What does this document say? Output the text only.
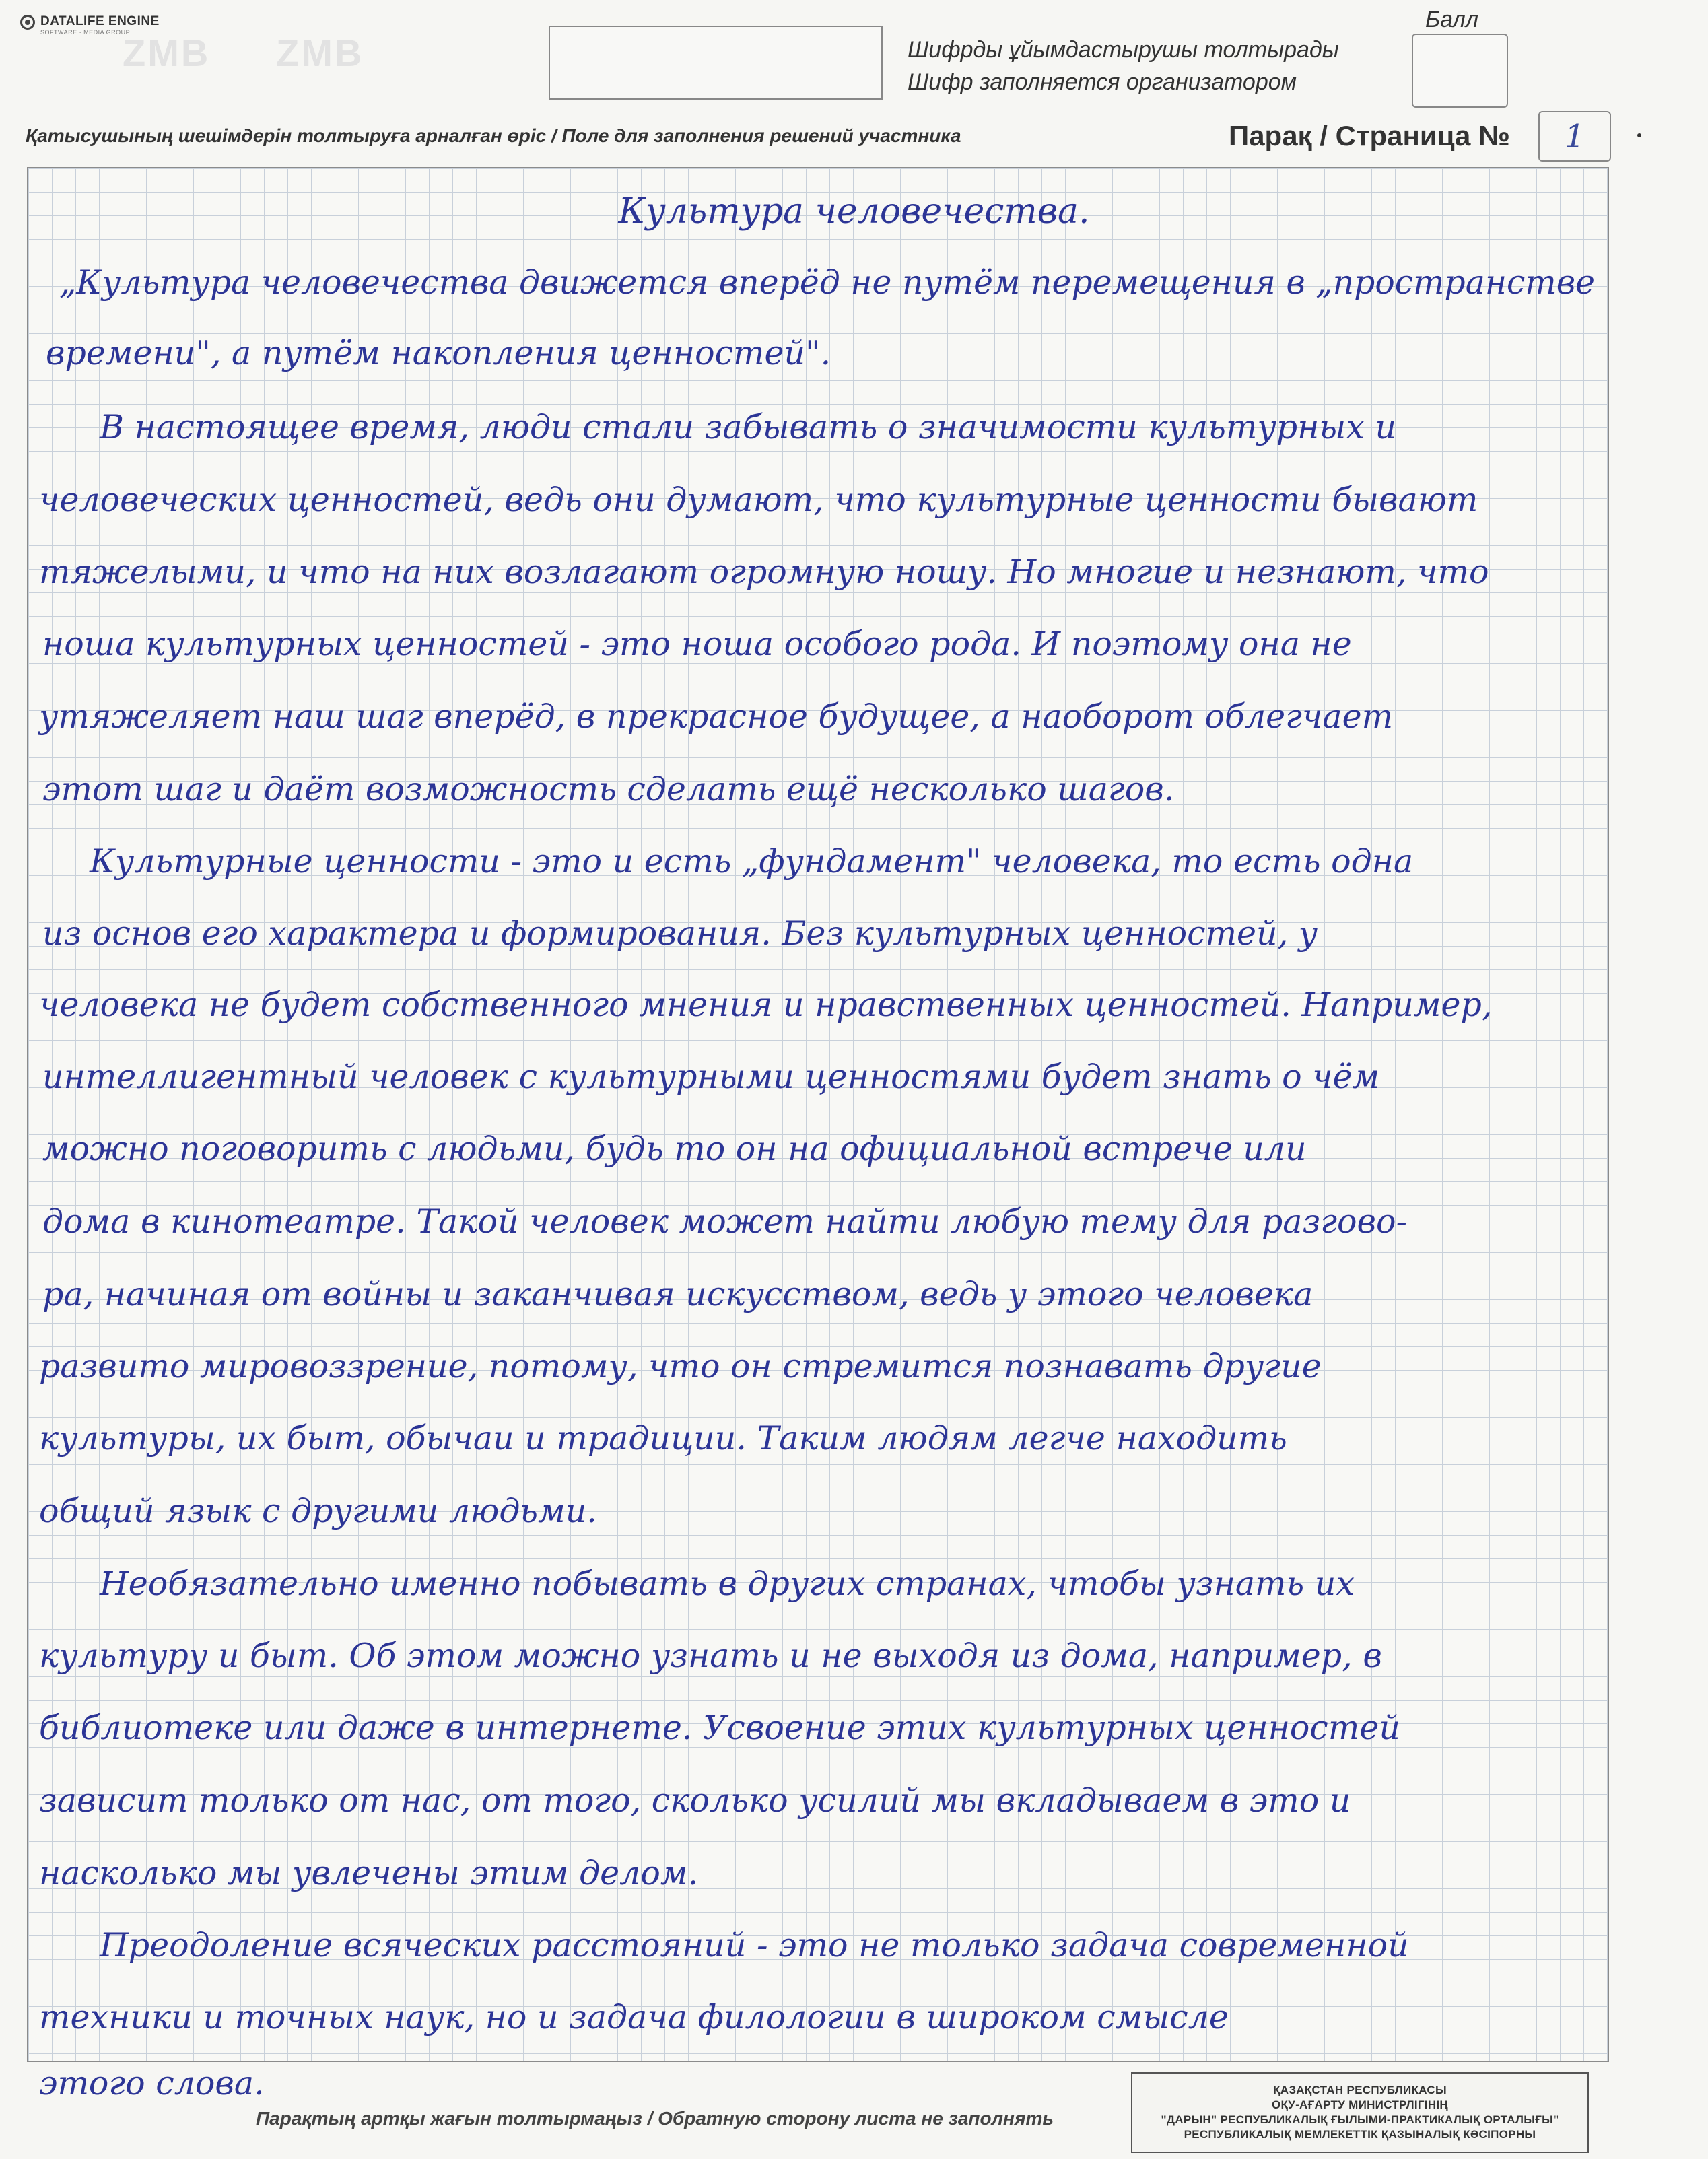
DATALIFE ENGINE
SOFTWARE · MEDIA GROUP
ZMB ZMB	Шифрды ұйымдастырушы толтырады
Шифр заполняется организатором
Балл
Қатысушының шешімдерін толтыруға арналған өріс / Поле для заполнения решений участника	Парақ / Страница №	1
Культура человечества.
„Культура человечества движется вперёд не путём перемещения в „пространстве
времени", а путём накопления ценностей".
В настоящее время, люди стали забывать о значимости культурных и
человеческих ценностей, ведь они думают, что культурные ценности бывают
тяжелыми, и что на них возлагают огромную ношу. Но многие и незнают, что
ноша культурных ценностей - это ноша особого рода. И поэтому она не
утяжеляет наш шаг вперёд, в прекрасное будущее, а наоборот облегчает
этот шаг и даёт возможность сделать ещё несколько шагов.
Культурные ценности - это и есть „фундамент" человека, то есть одна
из основ его характера и формирования. Без культурных ценностей, у
человека не будет собственного мнения и нравственных ценностей. Например,
интеллигентный человек с культурными ценностями будет знать о чём
можно поговорить с людьми, будь то он на официальной встрече или
дома в кинотеатре. Такой человек может найти любую тему для разгово-
ра, начиная от войны и заканчивая искусством, ведь у этого человека
развито мировоззрение, потому, что он стремится познавать другие
культуры, их быт, обычаи и традиции. Таким людям легче находить
общий язык с другими людьми.
Необязательно именно побывать в других странах, чтобы узнать их
культуру и быт. Об этом можно узнать и не выходя из дома, например, в
библиотеке или даже в интернете. Усвоение этих культурных ценностей
зависит только от нас, от того, сколько усилий мы вкладываем в это и
насколько мы увлечены этим делом.
Преодоление всяческих расстояний - это не только задача современной
техники и точных наук, но и задача филологии в широком смысле
этого слова.
Парақтың артқы жағын толтырмаңыз / Обратную сторону листа не заполнять
ҚАЗАҚСТАН РЕСПУБЛИКАСЫ
ОҚУ-АҒАРТУ МИНИСТРЛІГІНІҢ
"ДАРЫН" РЕСПУБЛИКАЛЫҚ ҒЫЛЫМИ-ПРАКТИКАЛЫҚ ОРТАЛЫҒЫ"
РЕСПУБЛИКАЛЫҚ МЕМЛЕКЕТТІК ҚАЗЫНАЛЫҚ КӘСІПОРНЫ
